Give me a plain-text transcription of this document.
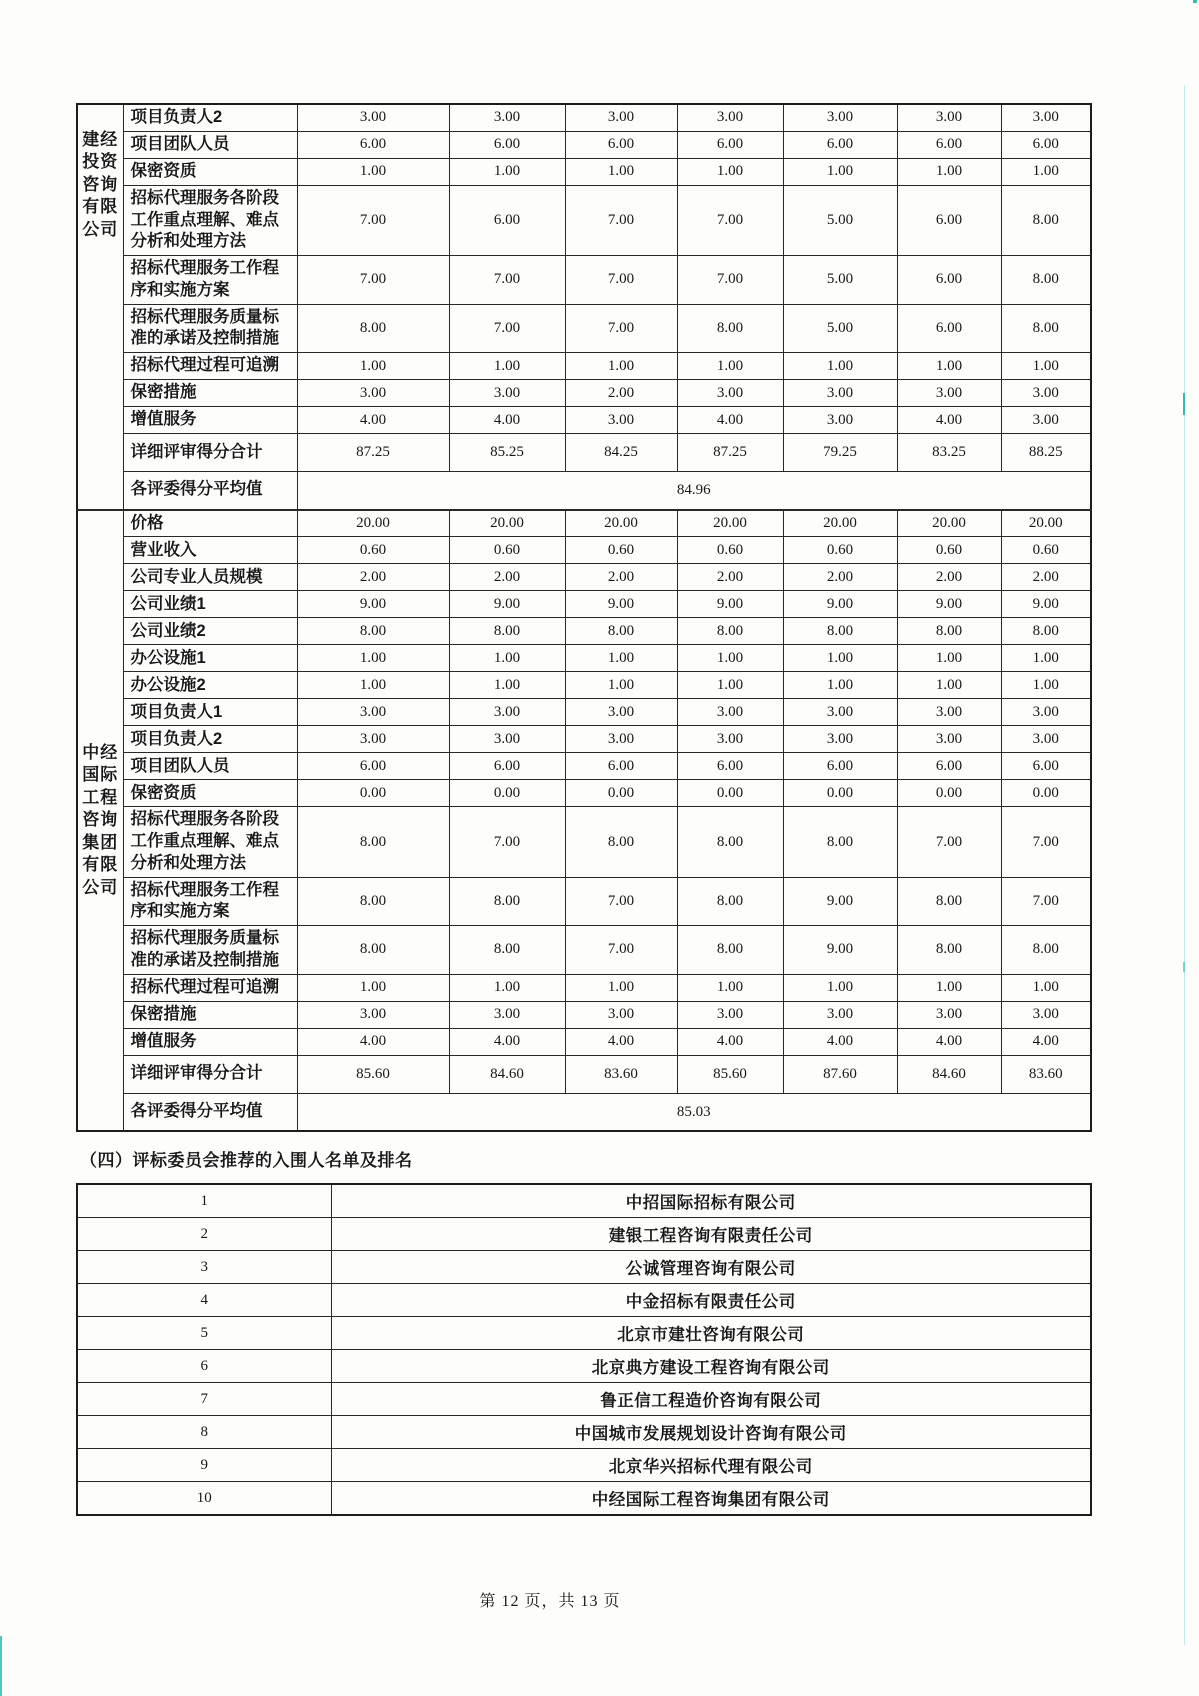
建经
投资
咨询
有限
公司	项目负责人2	3.00	3.00	3.00	3.00	3.00	3.00	3.00
	项目团队人员	6.00	6.00	6.00	6.00	6.00	6.00	6.00
	保密资质	1.00	1.00	1.00	1.00	1.00	1.00	1.00
	招标代理服务各阶段工作重点理解、难点分析和处理方法	7.00	6.00	7.00	7.00	5.00	6.00	8.00
	招标代理服务工作程序和实施方案	7.00	7.00	7.00	7.00	5.00	6.00	8.00
	招标代理服务质量标准的承诺及控制措施	8.00	7.00	7.00	8.00	5.00	6.00	8.00
	招标代理过程可追溯	1.00	1.00	1.00	1.00	1.00	1.00	1.00
	保密措施	3.00	3.00	2.00	3.00	3.00	3.00	3.00
	增值服务	4.00	4.00	3.00	4.00	3.00	4.00	3.00
	详细评审得分合计	87.25	85.25	84.25	87.25	79.25	83.25	88.25
	各评委得分平均值	84.96						

中经
国际
工程
咨询
集团
有限
公司
	价格	20.00	20.00	20.00	20.00	20.00	20.00	20.00
	营业收入	0.60	0.60	0.60	0.60	0.60	0.60	0.60
	公司专业人员规模	2.00	2.00	2.00	2.00	2.00	2.00	2.00
	公司业绩1	9.00	9.00	9.00	9.00	9.00	9.00	9.00
	公司业绩2	8.00	8.00	8.00	8.00	8.00	8.00	8.00
	办公设施1	1.00	1.00	1.00	1.00	1.00	1.00	1.00
	办公设施2	1.00	1.00	1.00	1.00	1.00	1.00	1.00
	项目负责人1	3.00	3.00	3.00	3.00	3.00	3.00	3.00
	项目负责人2	3.00	3.00	3.00	3.00	3.00	3.00	3.00
	项目团队人员	6.00	6.00	6.00	6.00	6.00	6.00	6.00
	保密资质	0.00	0.00	0.00	0.00	0.00	0.00	0.00
	招标代理服务各阶段工作重点理解、难点分析和处理方法	8.00	7.00	8.00	8.00	8.00	7.00	7.00
	招标代理服务工作程序和实施方案	8.00	8.00	7.00	8.00	9.00	8.00	7.00
	招标代理服务质量标准的承诺及控制措施	8.00	8.00	7.00	8.00	9.00	8.00	8.00
	招标代理过程可追溯	1.00	1.00	1.00	1.00	1.00	1.00	1.00
	保密措施	3.00	3.00	3.00	3.00	3.00	3.00	3.00
	增值服务	4.00	4.00	4.00	4.00	4.00	4.00	4.00
	详细评审得分合计	85.60	84.60	83.60	85.60	87.60	84.60	83.60
	各评委得分平均值	85.03						
（四）评标委员会推荐的入围人名单及排名
1	中招国际招标有限公司
2	建银工程咨询有限责任公司
3	公诚管理咨询有限公司
4	中金招标有限责任公司
5	北京市建壮咨询有限公司
6	北京典方建设工程咨询有限公司
7	鲁正信工程造价咨询有限公司
8	中国城市发展规划设计咨询有限公司
9	北京华兴招标代理有限公司
10	中经国际工程咨询集团有限公司
第 12 页，共 13 页
